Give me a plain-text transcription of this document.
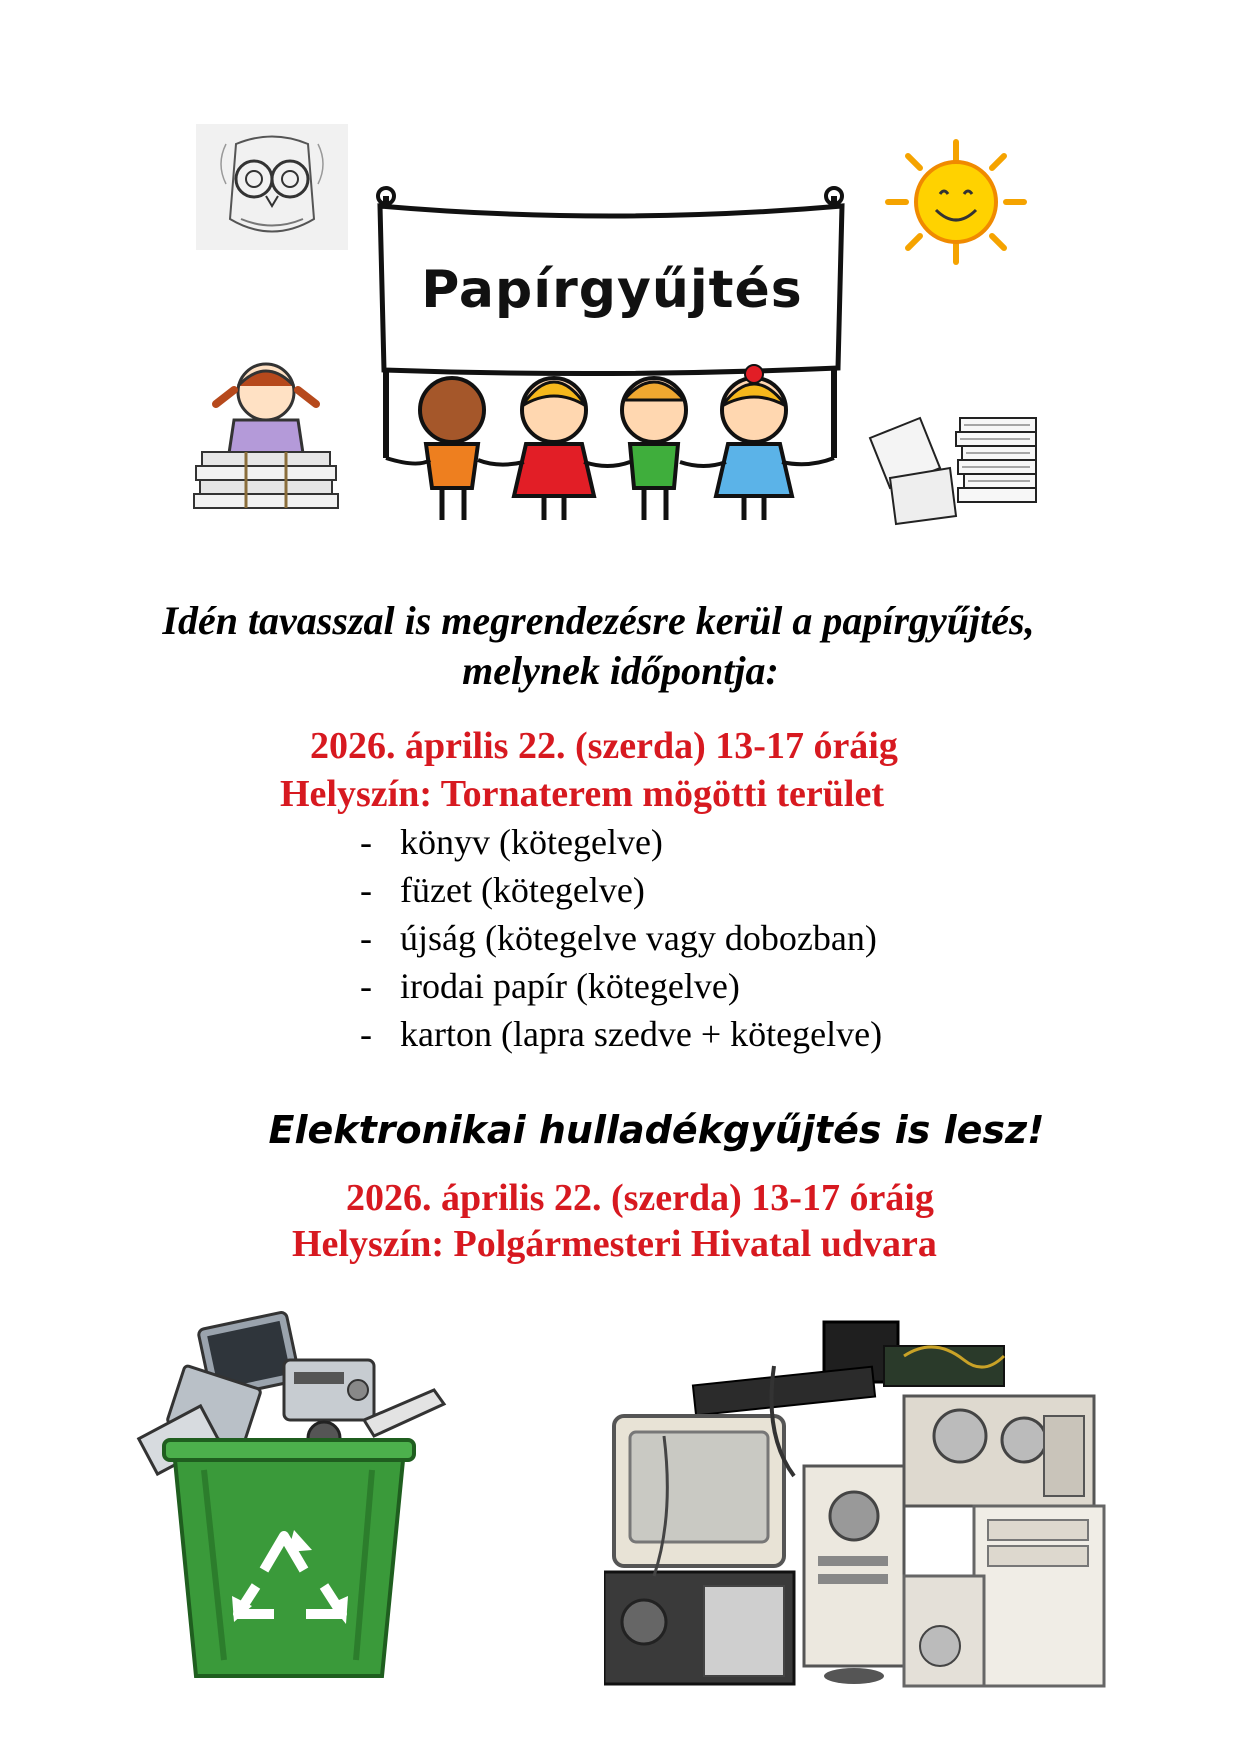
Papírgyűjtés
Idén tavasszal is megrendezésre kerül a papírgyűjtés,
melynek időpontja:
2026. április 22. (szerda) 13-17 óráig
Helyszín: Tornaterem mögötti terület
- könyv (kötegelve)
- füzet (kötegelve)
- újság (kötegelve vagy dobozban)
- irodai papír (kötegelve)
- karton (lapra szedve + kötegelve)
Elektronikai hulladékgyűjtés is lesz!
2026. április 22. (szerda) 13-17 óráig
Helyszín: Polgármesteri Hivatal udvara
